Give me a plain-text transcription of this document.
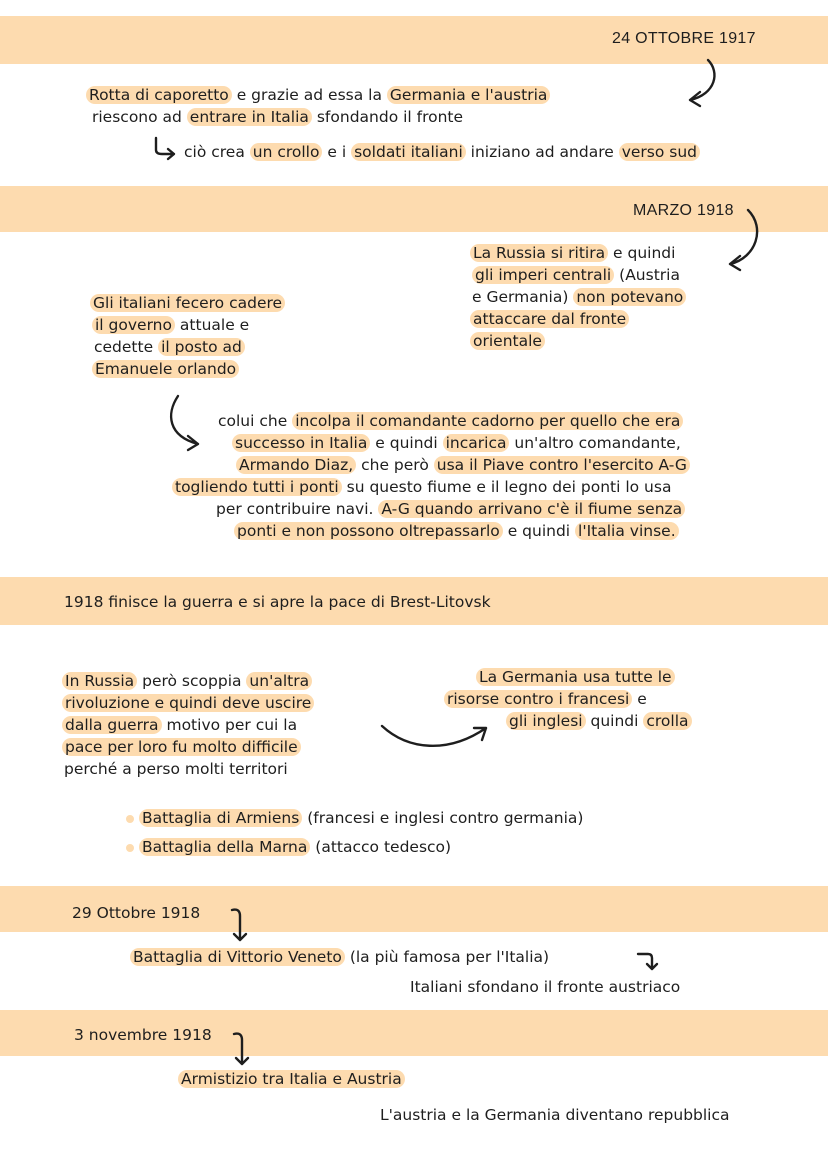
24 OTTOBRE 1917

Rotta di caporetto e grazie ad essa la Germania e l'austria

riescono ad entrare in Italia sfondando il fronte

ciò crea un crollo e i soldati italiani iniziano ad andare verso sud

MARZO 1918

La Russia si ritira e quindi

gli imperi centrali (Austria

e Germania) non potevano

attaccare dal fronte

orientale

Gli italiani fecero cadere

il governo attuale e

cedette il posto ad

Emanuele orlando

colui che incolpa il comandante cadorno per quello che era

successo in Italia e quindi incarica un'altro comandante,

Armando Diaz, che però usa il Piave contro l'esercito A-G

togliendo tutti i ponti su questo fiume e il legno dei ponti lo usa

per contribuire navi. A-G quando arrivano c'è il fiume senza

ponti e non possono oltrepassarlo e quindi l'Italia vinse.

1918 finisce la guerra e si apre la pace di Brest-Litovsk

In Russia però scoppia un'altra

rivoluzione e quindi deve uscire

dalla guerra motivo per cui la

pace per loro fu molto difficile

perché a perso molti territori

La Germania usa tutte le

risorse contro i francesi e

gli inglesi quindi crolla

Battaglia di Armiens (francesi e inglesi contro germania)

Battaglia della Marna (attacco tedesco)

29 Ottobre 1918

Battaglia di Vittorio Veneto (la più famosa per l'Italia)

Italiani sfondano il fronte austriaco
3 novembre 1918

Armistizio tra Italia e Austria

L'austria e la Germania diventano repubblica
